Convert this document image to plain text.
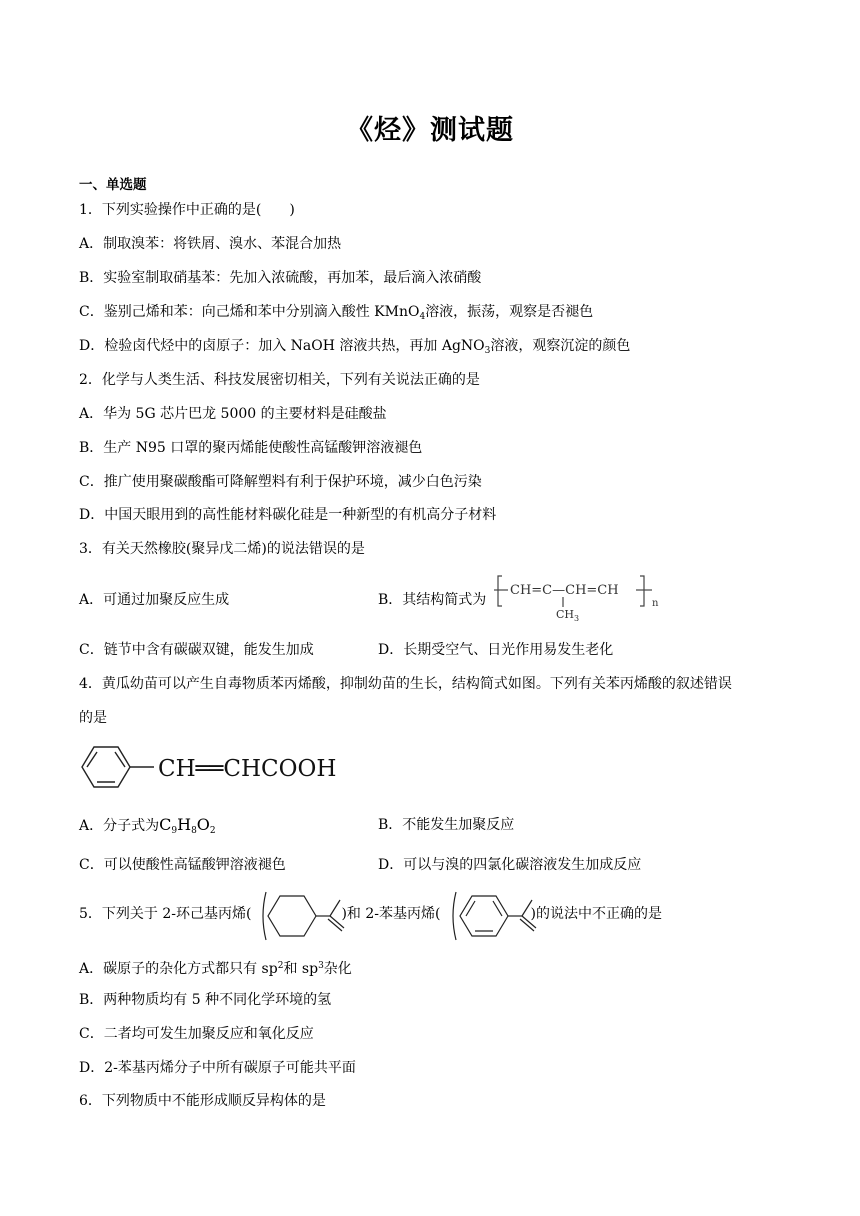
《烃》测试题
一、单选题
1．下列实验操作中正确的是(　　)
A．制取溴苯：将铁屑、溴水、苯混合加热
B．实验室制取硝基苯：先加入浓硫酸，再加苯，最后滴入浓硝酸
C．鉴别己烯和苯：向己烯和苯中分别滴入酸性 KMnO$_4$溶液，振荡，观察是否褪色
D．检验卤代烃中的卤原子：加入 NaOH 溶液共热，再加 AgNO$_3$溶液，观察沉淀的颜色
2．化学与人类生活、科技发展密切相关，下列有关说法正确的是
A．华为 5G 芯片巴龙 5000 的主要材料是硅酸盐
B．生产 N95 口罩的聚丙烯能使酸性高锰酸钾溶液褪色
C．推广使用聚碳酸酯可降解塑料有利于保护环境，减少白色污染
D．中国天眼用到的高性能材料碳化硅是一种新型的有机高分子材料
3．有关天然橡胶(聚异戊二烯)的说法错误的是
A．可通过加聚反应生成	B．其结构简式为
CH=C—CH=CH
$CH_3$
n
C．链节中含有碳碳双键，能发生加成	D．长期受空气、日光作用易发生老化
4．黄瓜幼苗可以产生自毒物质苯丙烯酸，抑制幼苗的生长，结构简式如图。下列有关苯丙烯酸的叙述错误
的是
CH══CHCOOH
A．分子式为$C_9H_8O_2$	B．不能发生加聚反应
C．可以使酸性高锰酸钾溶液褪色	D．可以与溴的四氯化碳溶液发生加成反应
5．下列关于 2-环己基丙烯(	)和 2-苯基丙烯(	)的说法中不正确的是
A．碳原子的杂化方式都只有 $sp^2$和 $sp^3$杂化
B．两种物质均有 5 种不同化学环境的氢
C．二者均可发生加聚反应和氧化反应
D．2-苯基丙烯分子中所有碳原子可能共平面
6．下列物质中不能形成顺反异构体的是
